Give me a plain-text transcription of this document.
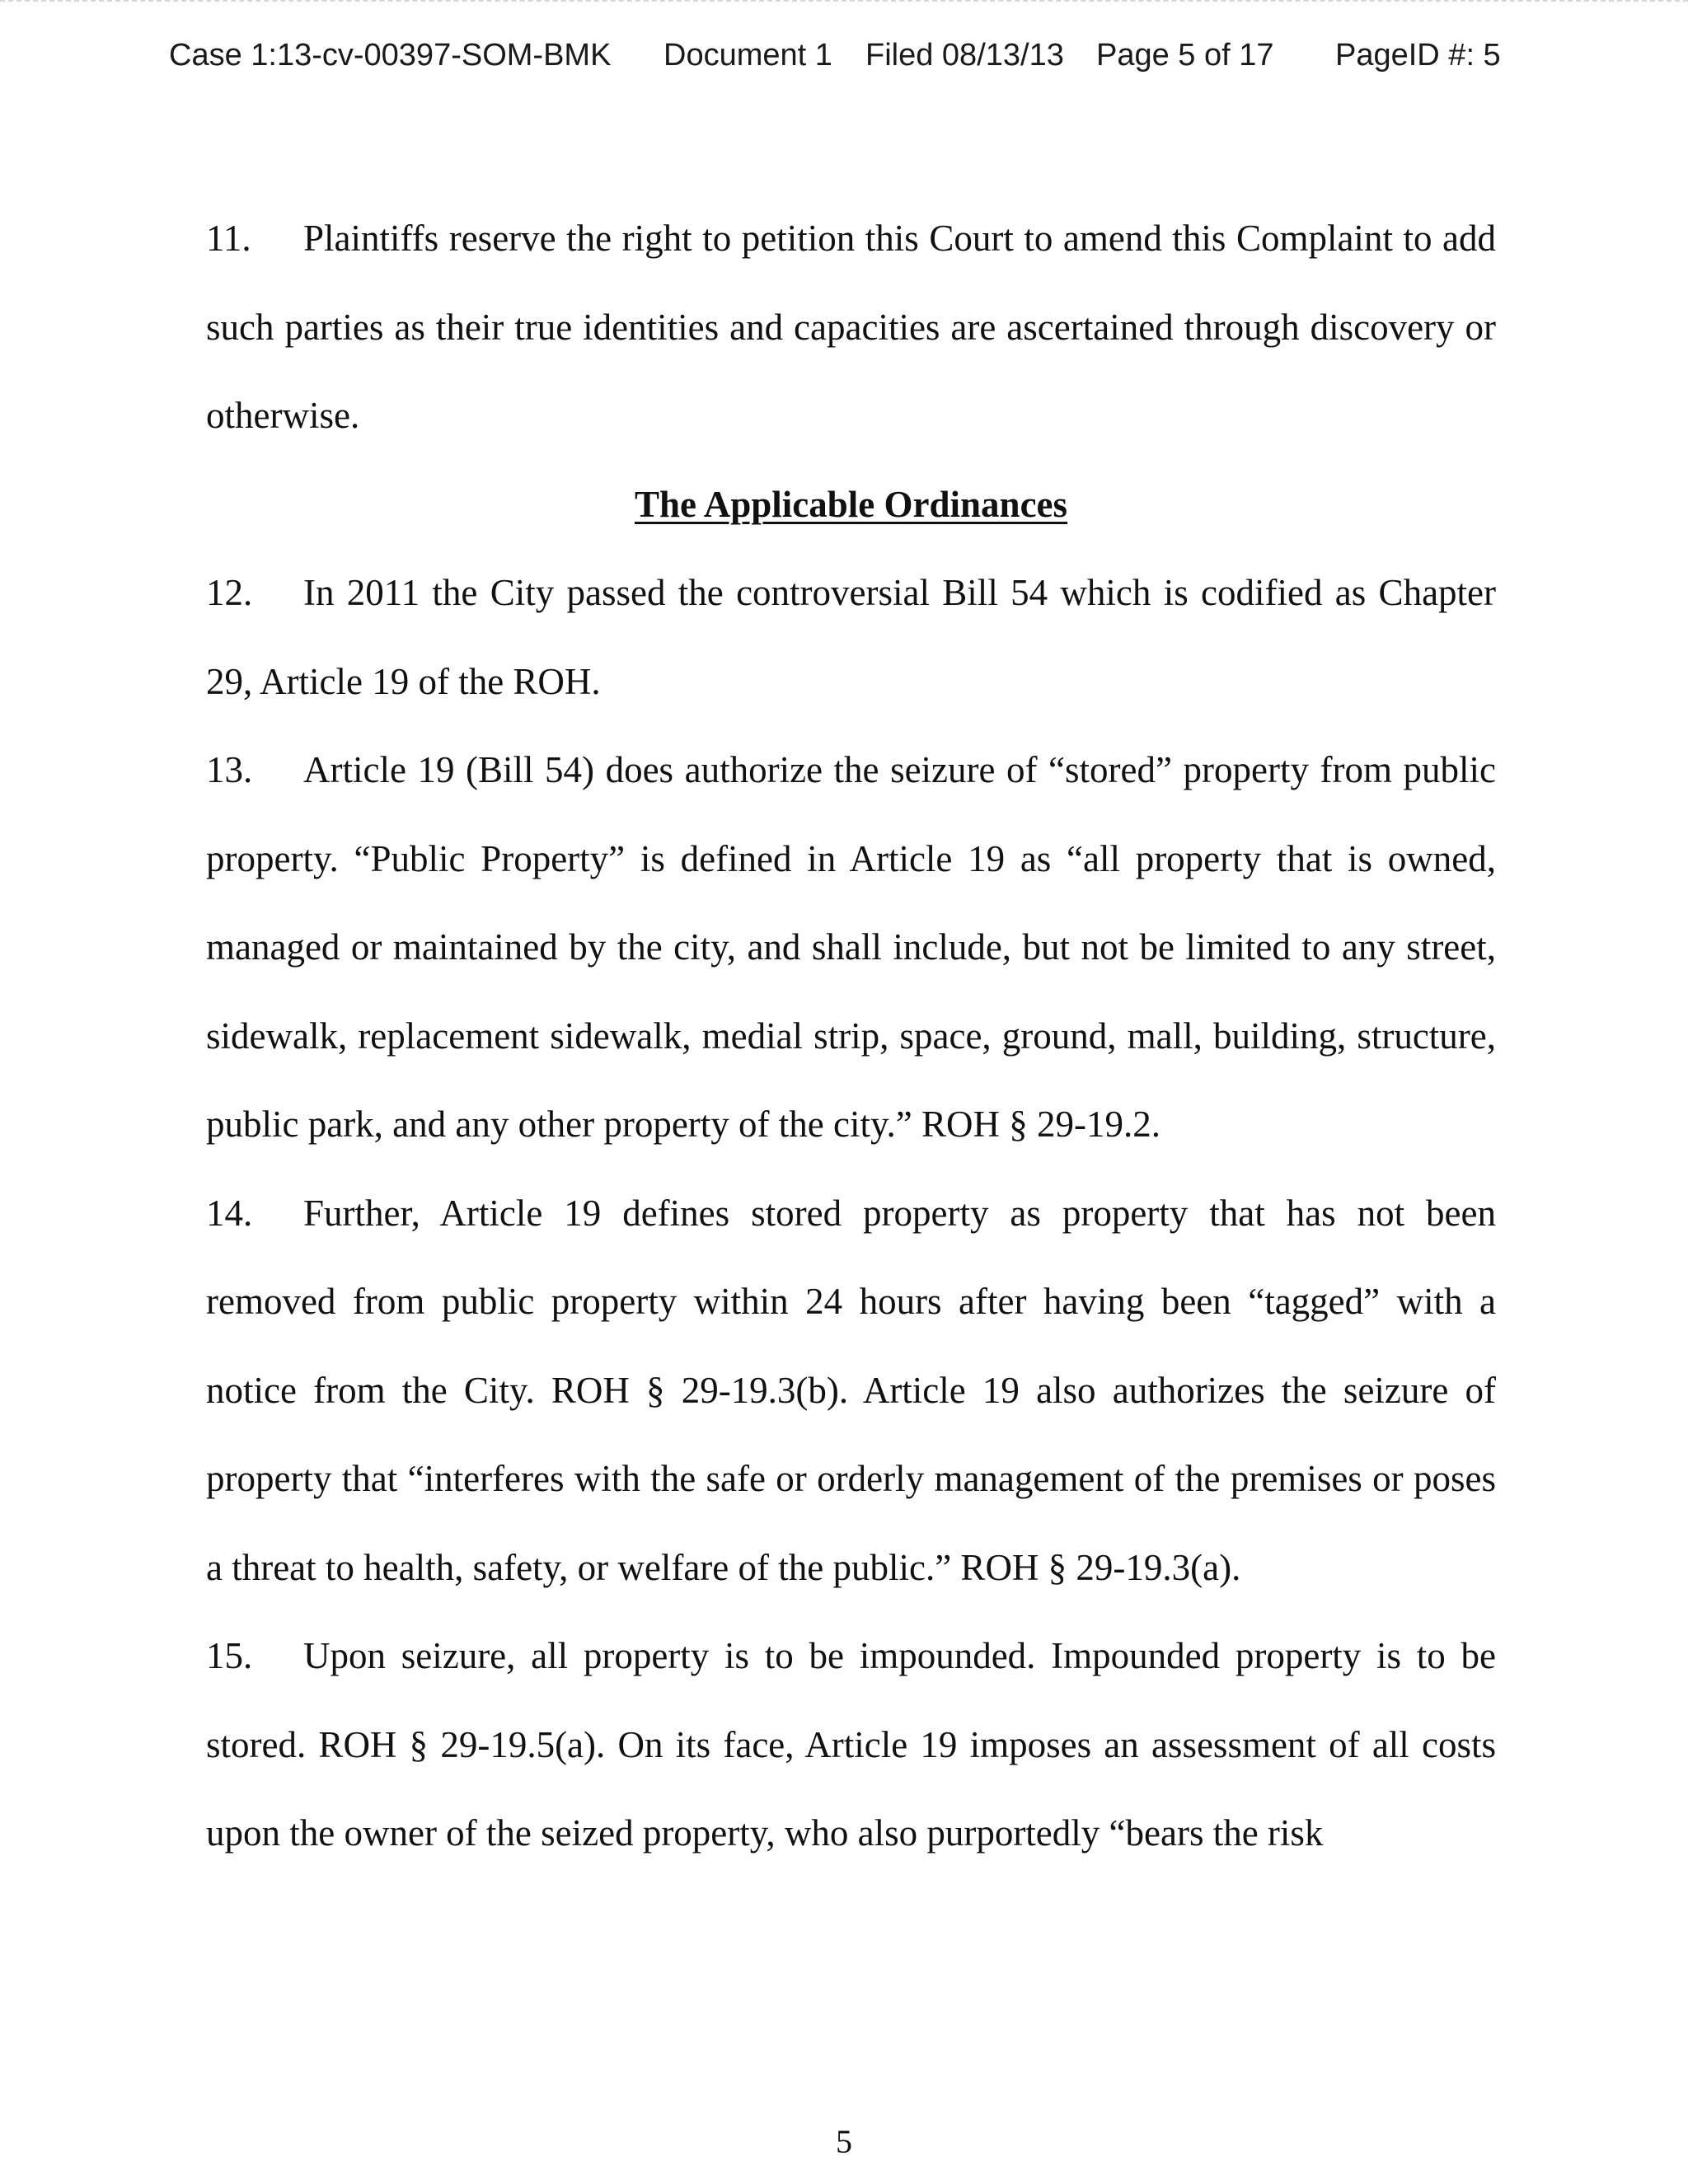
Case 1:13-cv-00397-SOM-BMK Document 1 Filed 08/13/13 Page 5 of 17 PageID #: 5

11. Plaintiffs reserve the right to petition this Court to amend this Complaint to add such parties as their true identities and capacities are ascertained through discovery or otherwise.

The Applicable Ordinances

12. In 2011 the City passed the controversial Bill 54 which is codified as Chapter 29, Article 19 of the ROH.

13. Article 19 (Bill 54) does authorize the seizure of “stored” property from public property. “Public Property” is defined in Article 19 as “all property that is owned, managed or maintained by the city, and shall include, but not be limited to any street, sidewalk, replacement sidewalk, medial strip, space, ground, mall, building, structure, public park, and any other property of the city.” ROH § 29-19.2.

14. Further, Article 19 defines stored property as property that has not been removed from public property within 24 hours after having been “tagged” with a notice from the City. ROH § 29-19.3(b). Article 19 also authorizes the seizure of property that “interferes with the safe or orderly management of the premises or poses a threat to health, safety, or welfare of the public.” ROH § 29-19.3(a).

15. Upon seizure, all property is to be impounded. Impounded property is to be stored. ROH § 29-19.5(a). On its face, Article 19 imposes an assessment of all costs upon the owner of the seized property, who also purportedly “bears the risk

5
